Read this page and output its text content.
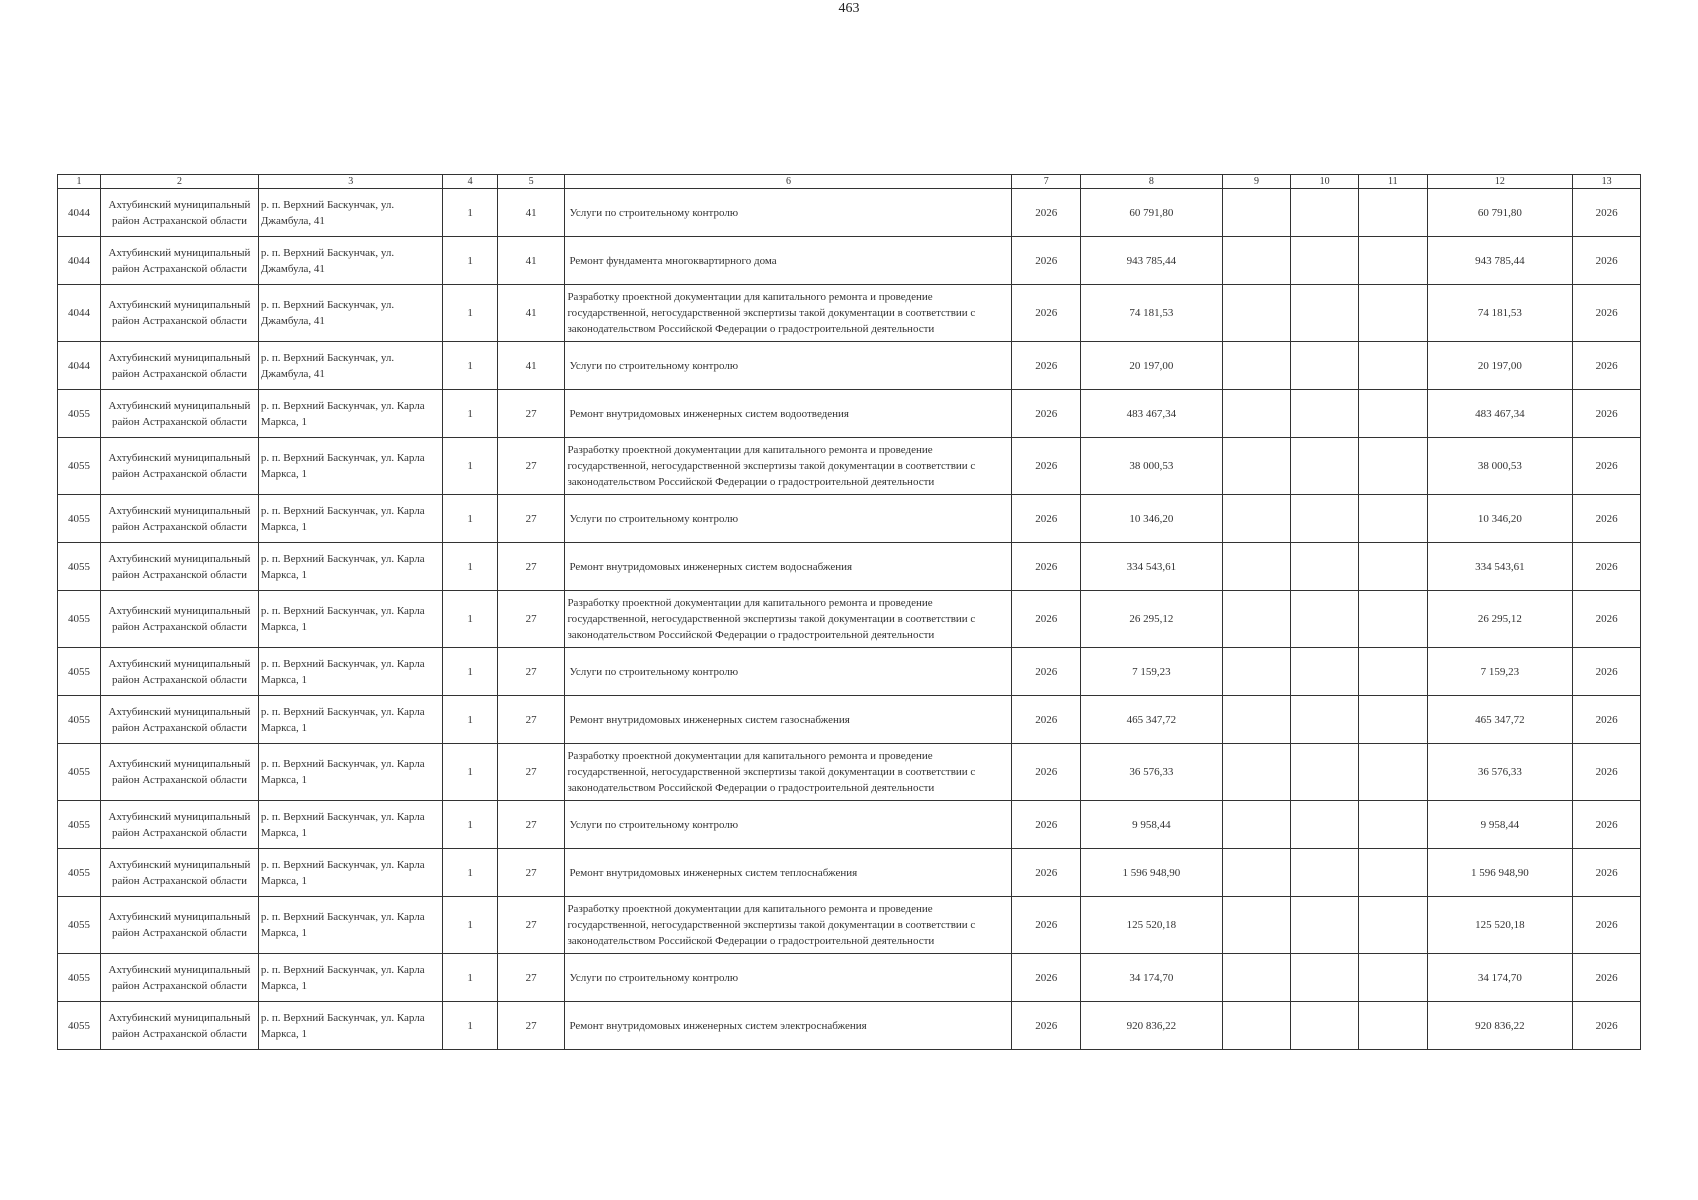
463
1	2	3	4	5	6	7	8	9	10	11	12	13
4044	Ахтубинский муниципальный район Астраханской области	р. п. Верхний Баскунчак, ул. Джамбула, 41	1	41	Услуги по строительному контролю	2026	60 791,80				60 791,80	2026
4044	Ахтубинский муниципальный район Астраханской области	р. п. Верхний Баскунчак, ул. Джамбула, 41	1	41	Ремонт фундамента многоквартирного дома	2026	943 785,44				943 785,44	2026
4044	Ахтубинский муниципальный район Астраханской области	р. п. Верхний Баскунчак, ул. Джамбула, 41	1	41	Разработку проектной документации для капитального ремонта и проведение государственной, негосударственной экспертизы такой документации в соответствии с законодательством Российской Федерации о градостроительной деятельности	2026	74 181,53				74 181,53	2026
4044	Ахтубинский муниципальный район Астраханской области	р. п. Верхний Баскунчак, ул. Джамбула, 41	1	41	Услуги по строительному контролю	2026	20 197,00				20 197,00	2026
4055	Ахтубинский муниципальный район Астраханской области	р. п. Верхний Баскунчак, ул. Карла Маркса, 1	1	27	Ремонт внутридомовых инженерных систем водоотведения	2026	483 467,34				483 467,34	2026
4055	Ахтубинский муниципальный район Астраханской области	р. п. Верхний Баскунчак, ул. Карла Маркса, 1	1	27	Разработку проектной документации для капитального ремонта и проведение государственной, негосударственной экспертизы такой документации в соответствии с законодательством Российской Федерации о градостроительной деятельности	2026	38 000,53				38 000,53	2026
4055	Ахтубинский муниципальный район Астраханской области	р. п. Верхний Баскунчак, ул. Карла Маркса, 1	1	27	Услуги по строительному контролю	2026	10 346,20				10 346,20	2026
4055	Ахтубинский муниципальный район Астраханской области	р. п. Верхний Баскунчак, ул. Карла Маркса, 1	1	27	Ремонт внутридомовых инженерных систем водоснабжения	2026	334 543,61				334 543,61	2026
4055	Ахтубинский муниципальный район Астраханской области	р. п. Верхний Баскунчак, ул. Карла Маркса, 1	1	27	Разработку проектной документации для капитального ремонта и проведение государственной, негосударственной экспертизы такой документации в соответствии с законодательством Российской Федерации о градостроительной деятельности	2026	26 295,12				26 295,12	2026
4055	Ахтубинский муниципальный район Астраханской области	р. п. Верхний Баскунчак, ул. Карла Маркса, 1	1	27	Услуги по строительному контролю	2026	7 159,23				7 159,23	2026
4055	Ахтубинский муниципальный район Астраханской области	р. п. Верхний Баскунчак, ул. Карла Маркса, 1	1	27	Ремонт внутридомовых инженерных систем газоснабжения	2026	465 347,72				465 347,72	2026
4055	Ахтубинский муниципальный район Астраханской области	р. п. Верхний Баскунчак, ул. Карла Маркса, 1	1	27	Разработку проектной документации для капитального ремонта и проведение государственной, негосударственной экспертизы такой документации в соответствии с законодательством Российской Федерации о градостроительной деятельности	2026	36 576,33				36 576,33	2026
4055	Ахтубинский муниципальный район Астраханской области	р. п. Верхний Баскунчак, ул. Карла Маркса, 1	1	27	Услуги по строительному контролю	2026	9 958,44				9 958,44	2026
4055	Ахтубинский муниципальный район Астраханской области	р. п. Верхний Баскунчак, ул. Карла Маркса, 1	1	27	Ремонт внутридомовых инженерных систем теплоснабжения	2026	1 596 948,90				1 596 948,90	2026
4055	Ахтубинский муниципальный район Астраханской области	р. п. Верхний Баскунчак, ул. Карла Маркса, 1	1	27	Разработку проектной документации для капитального ремонта и проведение государственной, негосударственной экспертизы такой документации в соответствии с законодательством Российской Федерации о градостроительной деятельности	2026	125 520,18				125 520,18	2026
4055	Ахтубинский муниципальный район Астраханской области	р. п. Верхний Баскунчак, ул. Карла Маркса, 1	1	27	Услуги по строительному контролю	2026	34 174,70				34 174,70	2026
4055	Ахтубинский муниципальный район Астраханской области	р. п. Верхний Баскунчак, ул. Карла Маркса, 1	1	27	Ремонт внутридомовых инженерных систем электроснабжения	2026	920 836,22				920 836,22	2026
